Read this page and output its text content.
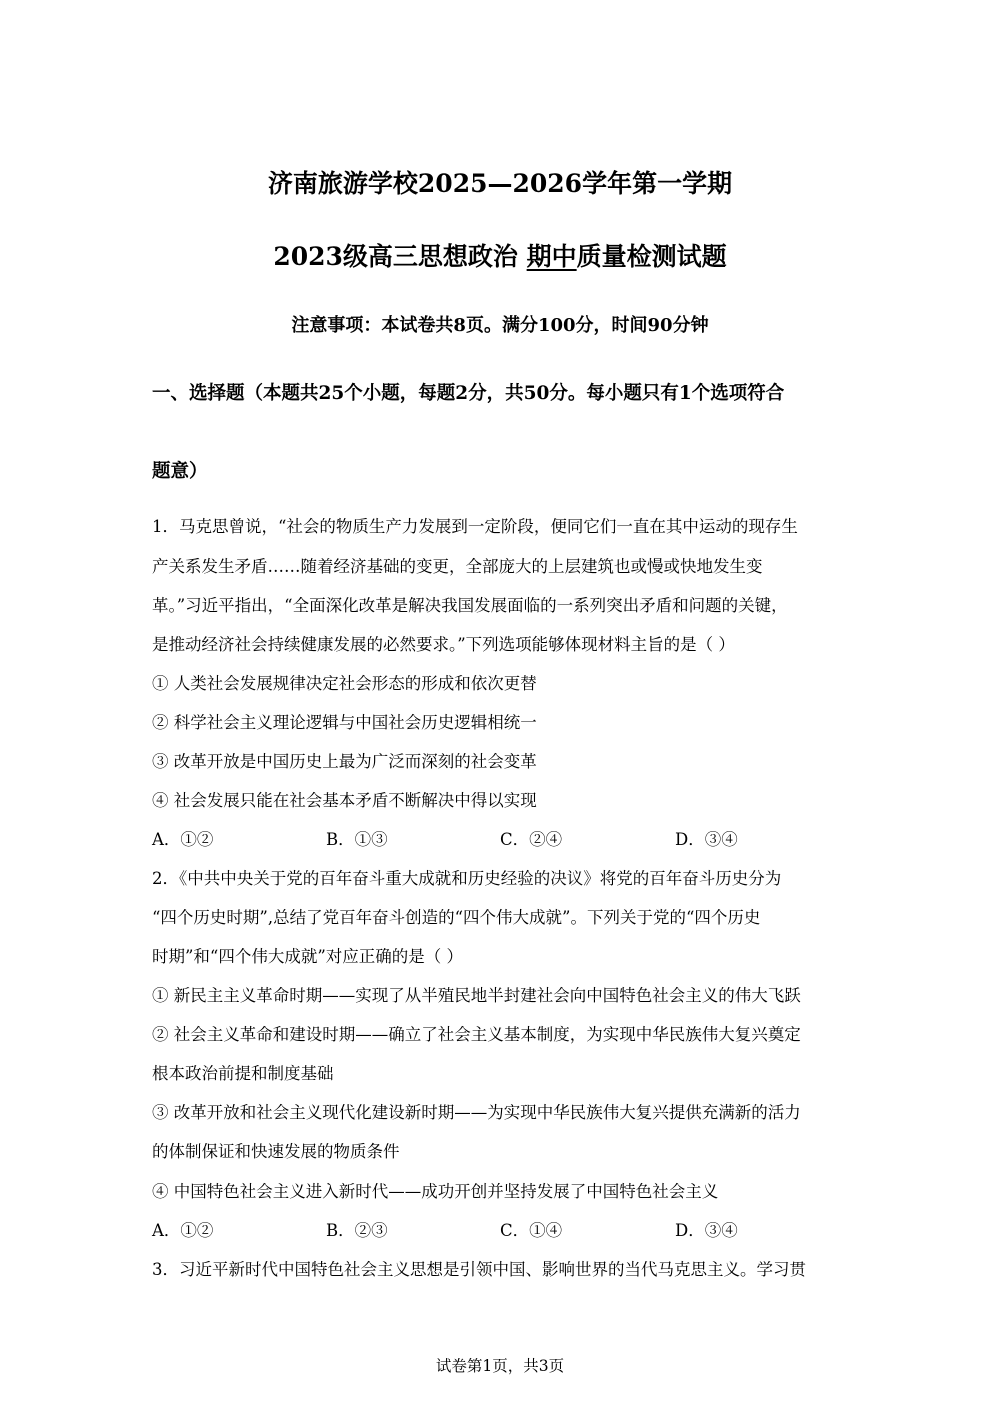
济南旅游学校2025—2026学年第一学期
2023级高三思想政治 期中质量检测试题
注意事项：本试卷共8页。满分100分，时间90分钟
一、选择题（本题共25个小题，每题2分，共50分。每小题只有1个选项符合
题意）
1．马克思曾说，“社会的物质生产力发展到一定阶段，便同它们一直在其中运动的现存生
产关系发生矛盾……随着经济基础的变更，全部庞大的上层建筑也或慢或快地发生变
革。”习近平指出，“全面深化改革是解决我国发展面临的一系列突出矛盾和问题的关键，
是推动经济社会持续健康发展的必然要求。”下列选项能够体现材料主旨的是（ ）
① 人类社会发展规律决定社会形态的形成和依次更替
② 科学社会主义理论逻辑与中国社会历史逻辑相统一
③ 改革开放是中国历史上最为广泛而深刻的社会变革
④ 社会发展只能在社会基本矛盾不断解决中得以实现
A．①②	B．①③	C．②④	D．③④
2．《中共中央关于党的百年奋斗重大成就和历史经验的决议》将党的百年奋斗历史分为
“四个历史时期”,总结了党百年奋斗创造的“四个伟大成就”。下列关于党的“四个历史
时期”和“四个伟大成就”对应正确的是（ ）
① 新民主主义革命时期——实现了从半殖民地半封建社会向中国特色社会主义的伟大飞跃
② 社会主义革命和建设时期——确立了社会主义基本制度，为实现中华民族伟大复兴奠定
根本政治前提和制度基础
③ 改革开放和社会主义现代化建设新时期——为实现中华民族伟大复兴提供充满新的活力
的体制保证和快速发展的物质条件
④ 中国特色社会主义进入新时代——成功开创并坚持发展了中国特色社会主义
A．①②	B．②③	C．①④	D．③④
3．习近平新时代中国特色社会主义思想是引领中国、影响世界的当代马克思主义。学习贯
试卷第1页，共3页
